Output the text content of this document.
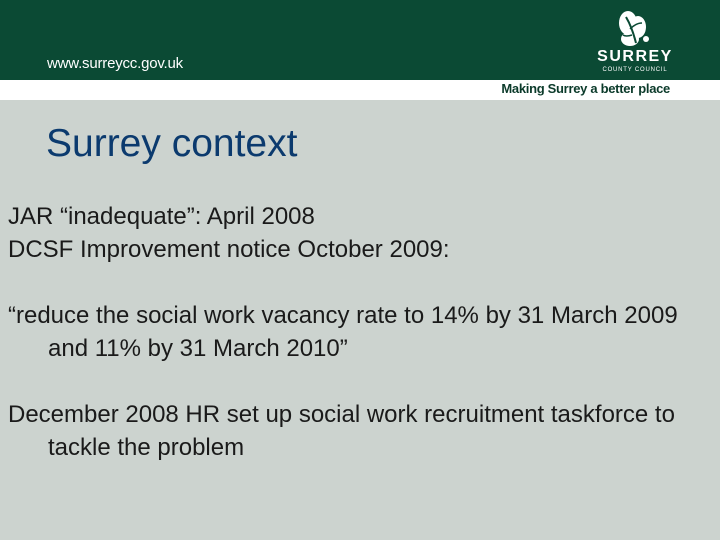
www.surreycc.gov.uk	SURREY
COUNTY COUNCIL
Making Surrey a better place
Surrey context

JAR “inadequate”: April 2008

DCSF Improvement notice October 2009:

“reduce the social work vacancy rate to 14% by 31 March 2009 and 11% by 31 March 2010”

December 2008 HR set up social work recruitment taskforce to tackle the problem
